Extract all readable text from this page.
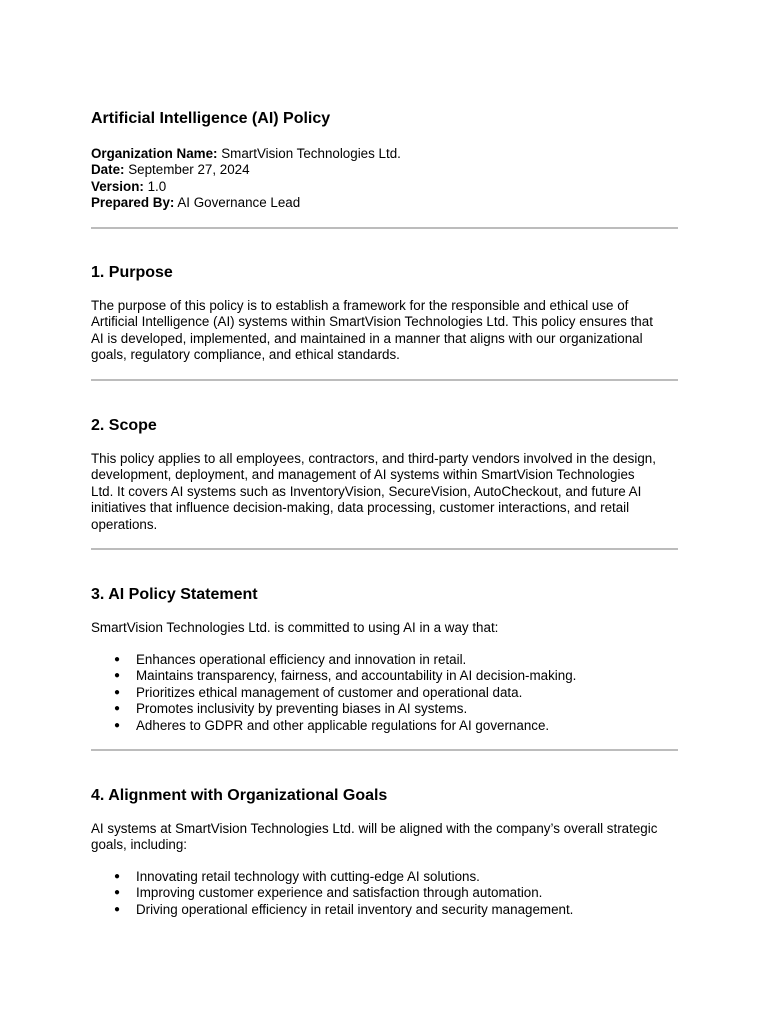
Artificial Intelligence (AI) Policy
Organization Name: SmartVision Technologies Ltd.
Date: September 27, 2024
Version: 1.0
Prepared By: AI Governance Lead
1. Purpose

The purpose of this policy is to establish a framework for the responsible and ethical use of
Artificial Intelligence (AI) systems within SmartVision Technologies Ltd. This policy ensures that
AI is developed, implemented, and maintained in a manner that aligns with our organizational
goals, regulatory compliance, and ethical standards.

2. Scope

This policy applies to all employees, contractors, and third-party vendors involved in the design,
development, deployment, and management of AI systems within SmartVision Technologies
Ltd. It covers AI systems such as InventoryVision, SecureVision, AutoCheckout, and future AI
initiatives that influence decision-making, data processing, customer interactions, and retail
operations.

3. AI Policy Statement

SmartVision Technologies Ltd. is committed to using AI in a way that:

● Enhances operational efficiency and innovation in retail.
● Maintains transparency, fairness, and accountability in AI decision-making.
● Prioritizes ethical management of customer and operational data.
● Promotes inclusivity by preventing biases in AI systems.
● Adheres to GDPR and other applicable regulations for AI governance.
4. Alignment with Organizational Goals

AI systems at SmartVision Technologies Ltd. will be aligned with the company’s overall strategic
goals, including:

● Innovating retail technology with cutting-edge AI solutions.
● Improving customer experience and satisfaction through automation.
● Driving operational efficiency in retail inventory and security management.
